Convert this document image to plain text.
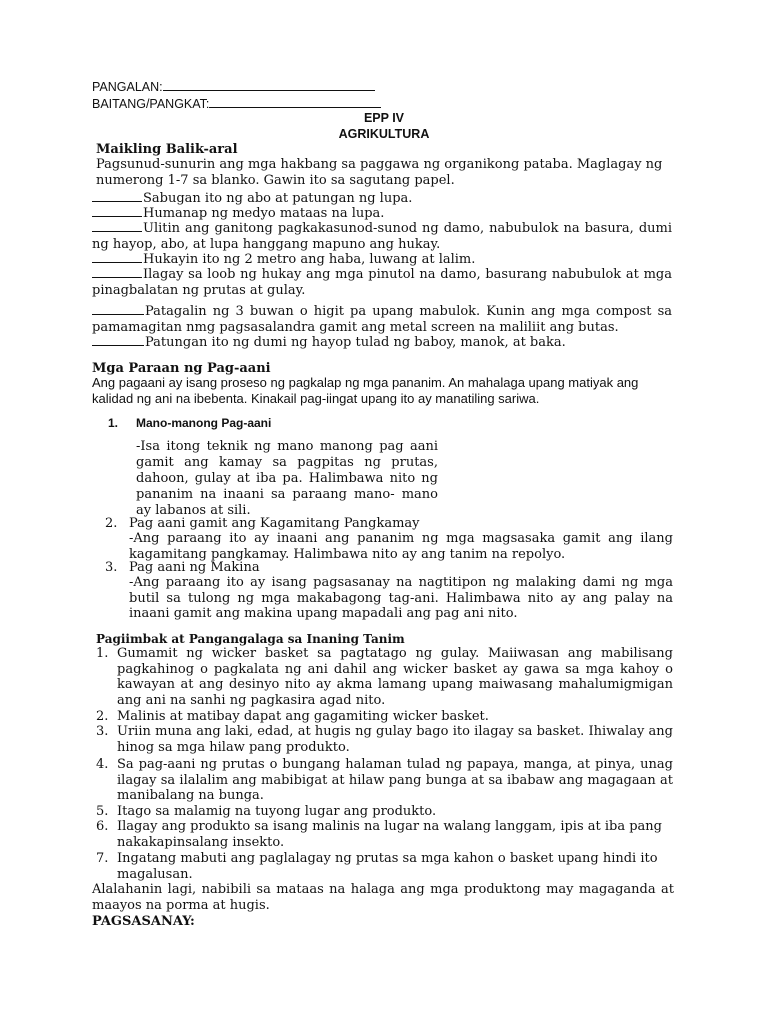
PANGALAN:
BAITANG/PANGKAT:
EPP IV
AGRIKULTURA
Maikling Balik-aral
Pagsunud-sunurin ang mga hakbang sa paggawa ng organikong pataba. Maglagay ng numerong 1-7 sa blanko. Gawin ito sa sagutang papel.
Sabugan ito ng abo at patungan ng lupa.
Humanap ng medyo mataas na lupa.
Ulitin ang ganitong pagkakasunod-sunod ng damo, nabubulok na basura, dumi ng hayop, abo, at lupa hanggang mapuno ang hukay.
Hukayin ito ng 2 metro ang haba, luwang at lalim.
Ilagay sa loob ng hukay ang mga pinutol na damo, basurang nabubulok at mga pinagbalatan ng prutas at gulay.
Patagalin ng 3 buwan o higit pa upang mabulok. Kunin ang mga compost sa pamamagitan nmg pagsasalandra gamit ang metal screen na maliliit ang butas.
Patungan ito ng dumi ng hayop tulad ng baboy, manok, at baka.
Mga Paraan ng Pag-aani
Ang pagaani ay isang proseso ng pagkalap ng mga pananim. An mahalaga upang matiyak ang kalidad ng ani na ibebenta. Kinakail pag-iingat upang ito ay manatiling sariwa.
1. Mano-manong Pag-aani
-Isa itong teknik ng mano manong pag aani gamit ang kamay sa pagpitas ng prutas, dahoon, gulay at iba pa. Halimbawa nito ng pananim na inaani sa paraang mano- mano ay labanos at sili.
2. Pag aani gamit ang Kagamitang Pangkamay
-Ang paraang ito ay inaani ang pananim ng mga magsasaka gamit ang ilang kagamitang pangkamay. Halimbawa nito ay ang tanim na repolyo.
3. Pag aani ng Makina
-Ang paraang ito ay isang pagsasanay na nagtitipon ng malaking dami ng mga butil sa tulong ng mga makabagong tag-ani. Halimbawa nito ay ang palay na inaani gamit ang makina upang mapadali ang pag ani nito.
Pagiimbak at Pangangalaga sa Inaning Tanim
1. Gumamit ng wicker basket sa pagtatago ng gulay. Maiiwasan ang mabilisang pagkahinog o pagkalata ng ani dahil ang wicker basket ay gawa sa mga kahoy o kawayan at ang desinyo nito ay akma lamang upang maiwasang mahalumigmigan ang ani na sanhi ng pagkasira agad nito.
2. Malinis at matibay dapat ang gagamiting wicker basket.
3. Uriin muna ang laki, edad, at hugis ng gulay bago ito ilagay sa basket. Ihiwalay ang hinog sa mga hilaw pang produkto.
4. Sa pag-aani ng prutas o bungang halaman tulad ng papaya, manga, at pinya, unag ilagay sa ilalalim ang mabibigat at hilaw pang bunga at sa ibabaw ang magagaan at manibalang na bunga.
5. Itago sa malamig na tuyong lugar ang produkto.
6. Ilagay ang produkto sa isang malinis na lugar na walang langgam, ipis at iba pang nakakapinsalang insekto.
7. Ingatang mabuti ang paglalagay ng prutas sa mga kahon o basket upang hindi ito magalusan.
Alalahanin lagi, nabibili sa mataas na halaga ang mga produktong may magaganda at maayos na porma at hugis.
PAGSASANAY:
